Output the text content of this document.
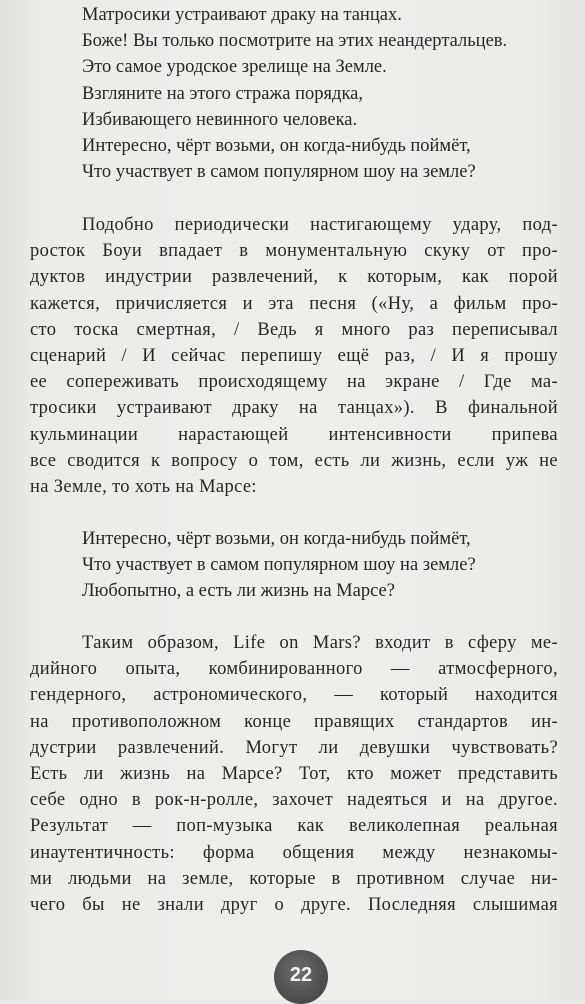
Матросики устраивают драку на танцах.
Боже! Вы только посмотрите на этих неандертальцев.
Это самое уродское зрелище на Земле.
Взгляните на этого стража порядка,
Избивающего невинного человека.
Интересно, чёрт возьми, он когда-нибудь поймёт,
Что участвует в самом популярном шоу на земле?
Подобно периодически настигающему удару, под-
росток Боуи впадает в монументальную скуку от про-
дуктов индустрии развлечений, к которым, как порой
кажется, причисляется и эта песня («Ну, а фильм про-
сто тоска смертная, / Ведь я много раз переписывал
сценарий / И сейчас перепишу ещё раз, / И я прошу
ее сопереживать происходящему на экране / Где ма-
тросики устраивают драку на танцах»). В финальной
кульминации нарастающей интенсивности припева
все сводится к вопросу о том, есть ли жизнь, если уж не
на Земле, то хоть на Марсе:
Интересно, чёрт возьми, он когда-нибудь поймёт,
Что участвует в самом популярном шоу на земле?
Любопытно, а есть ли жизнь на Марсе?
Таким образом, Life on Mars? входит в сферу ме-
дийного опыта, комбинированного — атмосферного,
гендерного, астрономического, — который находится
на противоположном конце правящих стандартов ин-
дустрии развлечений. Могут ли девушки чувствовать?
Есть ли жизнь на Марсе? Тот, кто может представить
себе одно в рок-н-ролле, захочет надеяться и на другое.
Результат — поп-музыка как великолепная реальная
инаутентичность: форма общения между незнакомы-
ми людьми на земле, которые в противном случае ни-
чего бы не знали друг о друге. Последняя слышимая
22
